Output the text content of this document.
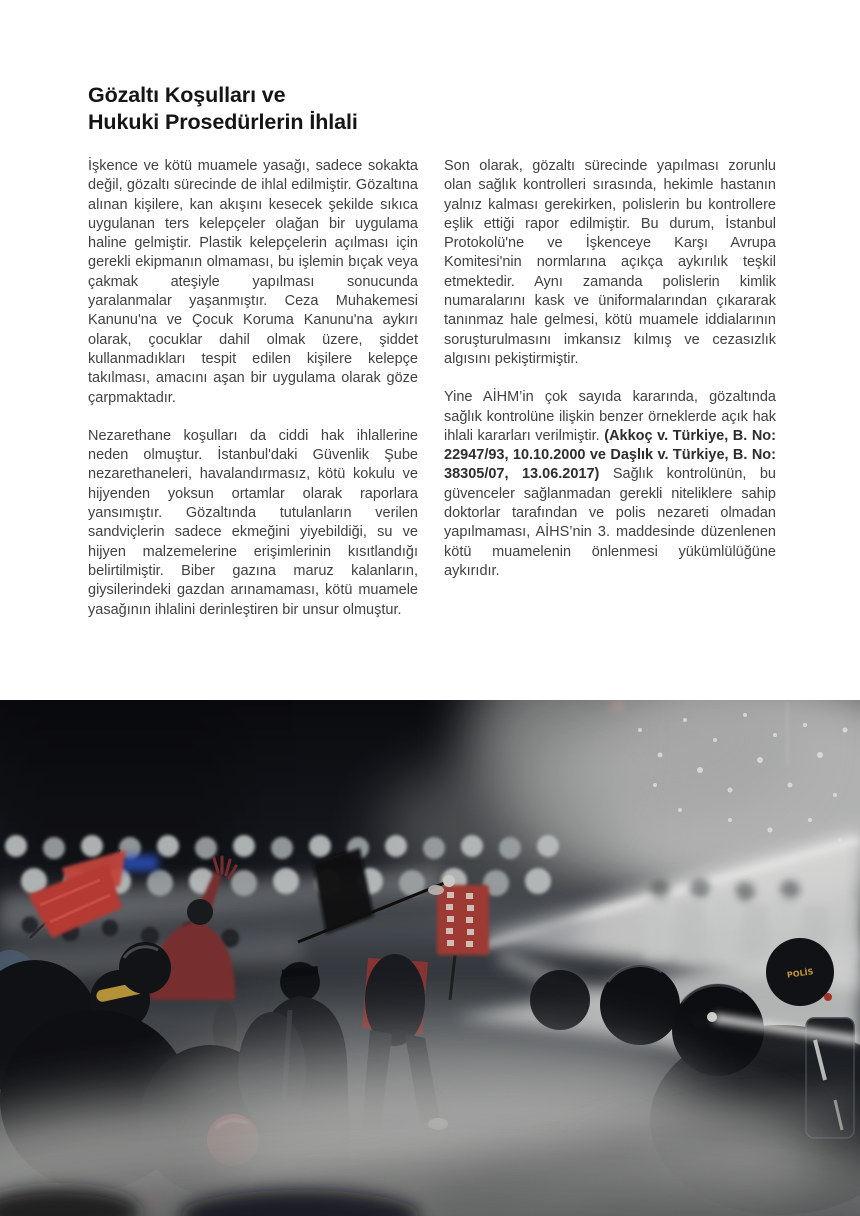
Gözaltı Koşulları ve
Hukuki Prosedürlerin İhlali

İşkence ve kötü muamele yasağı, sadece sokakta değil, gözaltı sürecinde de ihlal edilmiştir. Gözaltına alınan kişilere, kan akışını kesecek şekilde sıkıca uygulanan ters kelepçeler olağan bir uygulama haline gelmiştir. Plastik kelepçelerin açılması için gerekli ekipmanın olmaması, bu işlemin bıçak veya çakmak ateşiyle yapılması sonucunda yaralanmalar yaşanmıştır. Ceza Muhakemesi Kanunu'na ve Çocuk Koruma Kanunu'na aykırı olarak, çocuklar dahil olmak üzere, şiddet kullanmadıkları tespit edilen kişilere kelepçe takılması, amacını aşan bir uygulama olarak göze çarpmaktadır.

Nezarethane koşulları da ciddi hak ihlallerine neden olmuştur. İstanbul'daki Güvenlik Şube nezarethaneleri, havalandırmasız, kötü kokulu ve hijyenden yoksun ortamlar olarak raporlara yansımıştır. Gözaltında tutulanların verilen sandviçlerin sadece ekmeğini yiyebildiği, su ve hijyen malzemelerine erişimlerinin kısıtlandığı belirtilmiştir. Biber gazına maruz kalanların, giysilerindeki gazdan arınamaması, kötü muamele yasağının ihlalini derinleştiren bir unsur olmuştur.

Son olarak, gözaltı sürecinde yapılması zorunlu olan sağlık kontrolleri sırasında, hekimle hastanın yalnız kalması gerekirken, polislerin bu kontrollere eşlik ettiği rapor edilmiştir. Bu durum, İstanbul Protokolü'ne ve İşkenceye Karşı Avrupa Komitesi'nin normlarına açıkça aykırılık teşkil etmektedir. Aynı zamanda polislerin kimlik numaralarını kask ve üniformalarından çıkararak tanınmaz hale gelmesi, kötü muamele iddialarının soruşturulmasını imkansız kılmış ve cezasızlık algısını pekiştirmiştir.

Yine AİHM’in çok sayıda kararında, gözaltında sağlık kontrolüne ilişkin benzer örneklerde açık hak ihlali kararları verilmiştir. (Akkoç v. Türkiye, B. No: 22947/93, 10.10.2000 ve Daşlık v. Türkiye, B. No: 38305/07, 13.06.2017) Sağlık kontrolünün, bu güvenceler sağlanmadan gerekli niteliklere sahip doktorlar tarafından ve polis nezareti olmadan yapılmaması, AİHS’nin 3. maddesinde düzenlenen kötü muamelenin önlenmesi yükümlülüğüne aykırıdır.

POLİS
